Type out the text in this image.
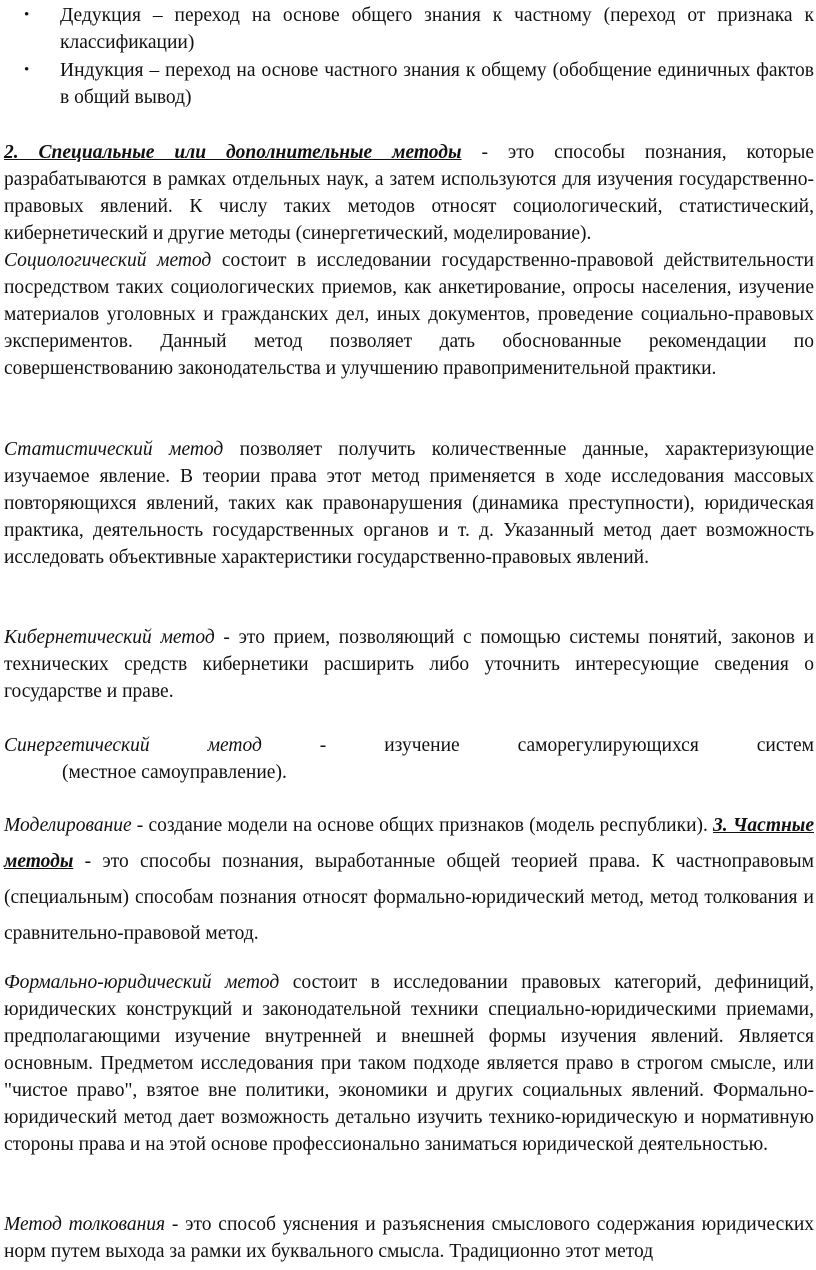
•	Дедукция – переход на основе общего знания к частному (переход от признака к классификации)

•	Индукция – переход на основе частного знания к общему (обобщение единичных фактов в общий вывод)

2. Специальные или дополнительные методы - это способы познания, которые разрабатываются в рамках отдельных наук, а затем используются для изучения государственно-правовых явлений. К числу таких методов относят социологический, статистический, кибернетический и другие методы (синергетический, моделирование).

Социологический метод состоит в исследовании государственно-правовой действительности посредством таких социологических приемов, как анкетирование, опросы населения, изучение материалов уголовных и гражданских дел, иных документов, проведение социально-правовых экспериментов. Данный метод позволяет дать обоснованные рекомендации по совершенствованию законодательства и улучшению правоприменительной практики.

Статистический метод позволяет получить количественные данные, характеризующие изучаемое явление. В теории права этот метод применяется в ходе исследования массовых повторяющихся явлений, таких как правонарушения (динамика преступности), юридическая практика, деятельность государственных органов и т. д. Указанный метод дает возможность исследовать объективные характеристики государственно-правовых явлений.

Кибернетический метод - это прием, позволяющий с помощью системы понятий, законов и технических средств кибернетики расширить либо уточнить интересующие сведения о государстве и праве.

Синергетический метод - изучение саморегулирующихся систем

(местное самоуправление).

Моделирование - создание модели на основе общих признаков (модель республики). 3. Частные методы - это способы познания, выработанные общей теорией права. К частноправовым (специальным) способам познания относят формально-юридический метод, метод толкования и сравнительно-правовой метод.

Формально-юридический метод состоит в исследовании правовых категорий, дефиниций, юридических конструкций и законодательной техники специально-юридическими приемами, предполагающими изучение внутренней и внешней формы изучения явлений. Является основным. Предметом исследования при таком подходе является право в строгом смысле, или "чистое право", взятое вне политики, экономики и других социальных явлений. Формально-юридический метод дает возможность детально изучить технико-юридическую и нормативную стороны права и на этой основе профессионально заниматься юридической деятельностью.

Метод толкования - это способ уяснения и разъяснения смыслового содержания юридических норм путем выхода за рамки их буквального смысла. Традиционно этот метод
